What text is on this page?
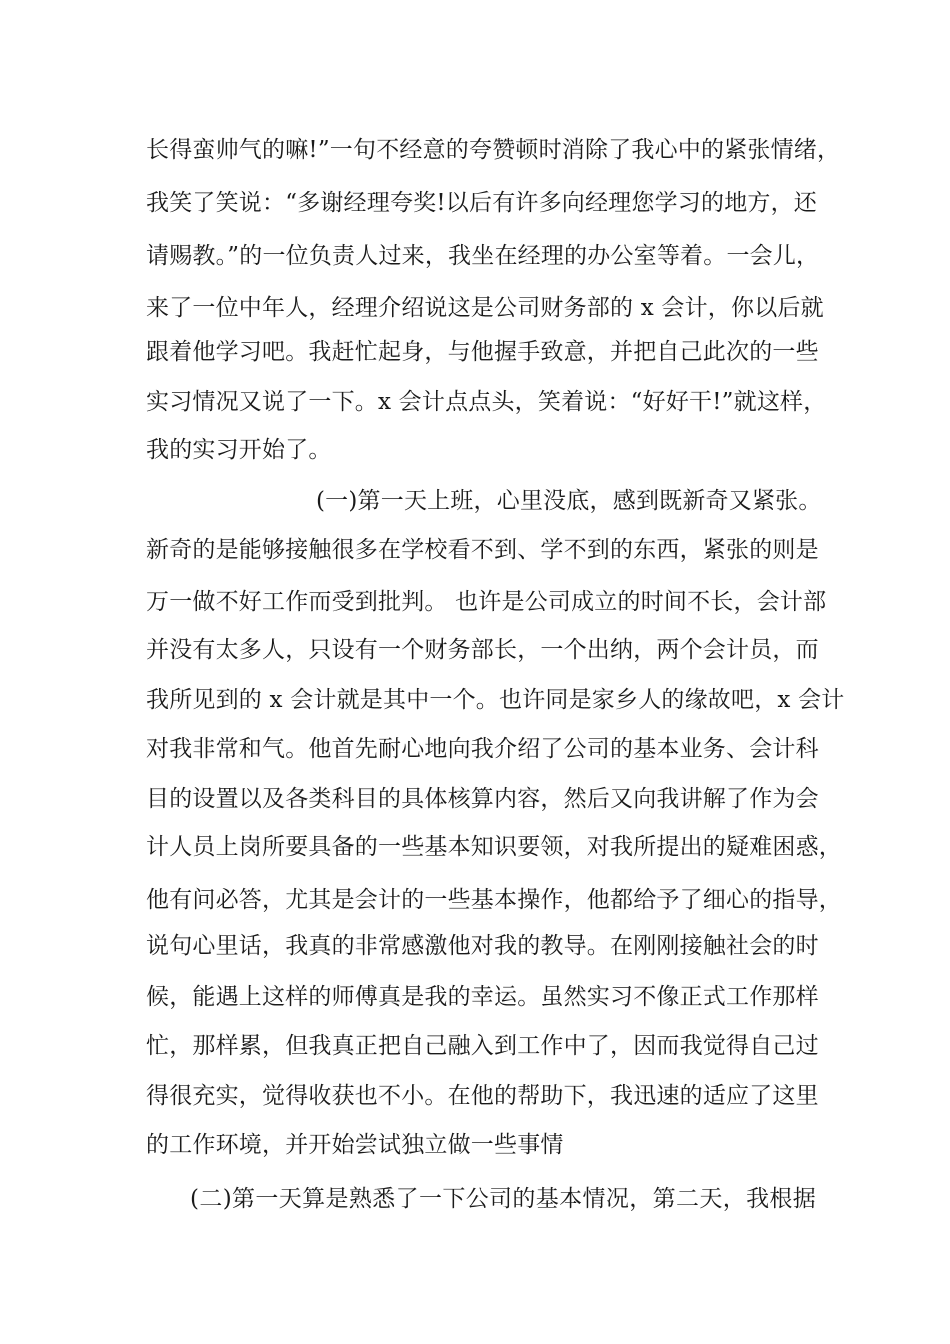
长得蛮帅气的嘛!”一句不经意的夸赞顿时消除了我心中的紧张情绪，
我笑了笑说：“多谢经理夸奖!以后有许多向经理您学习的地方，还
请赐教。”的一位负责人过来，我坐在经理的办公室等着。一会儿，
来了一位中年人，经理介绍说这是公司财务部的 x 会计，你以后就
跟着他学习吧。我赶忙起身，与他握手致意，并把自己此次的一些
实习情况又说了一下。x 会计点点头，笑着说：“好好干!”就这样，
我的实习开始了。
(一)第一天上班，心里没底，感到既新奇又紧张。
新奇的是能够接触很多在学校看不到、学不到的东西，紧张的则是
万一做不好工作而受到批判。 也许是公司成立的时间不长，会计部
并没有太多人，只设有一个财务部长，一个出纳，两个会计员，而
我所见到的 x 会计就是其中一个。也许同是家乡人的缘故吧，x 会计
对我非常和气。他首先耐心地向我介绍了公司的基本业务、会计科
目的设置以及各类科目的具体核算内容，然后又向我讲解了作为会
计人员上岗所要具备的一些基本知识要领，对我所提出的疑难困惑，
他有问必答，尤其是会计的一些基本操作，他都给予了细心的指导，
说句心里话，我真的非常感激他对我的教导。在刚刚接触社会的时
候，能遇上这样的师傅真是我的幸运。虽然实习不像正式工作那样
忙，那样累，但我真正把自己融入到工作中了，因而我觉得自己过
得很充实，觉得收获也不小。在他的帮助下，我迅速的适应了这里
的工作环境，并开始尝试独立做一些事情
(二)第一天算是熟悉了一下公司的基本情况，第二天，我根据
